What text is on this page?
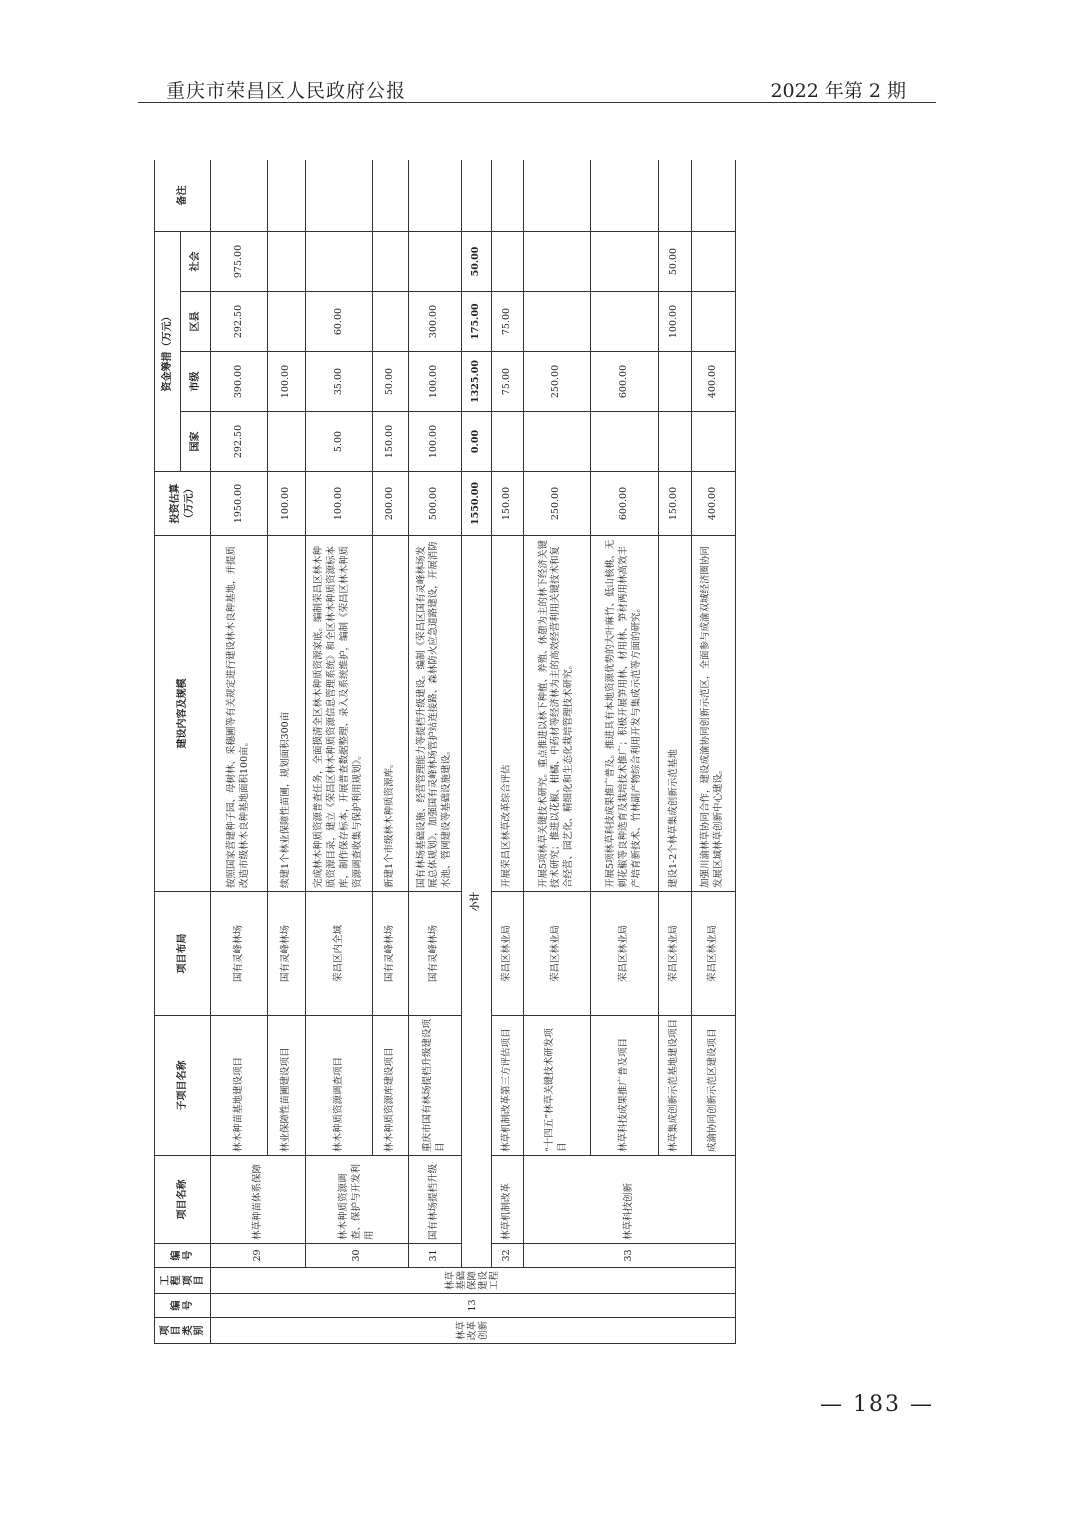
重庆市荣昌区人民政府公报	2022 年第 2 期
项目类别	编号	工程项目	编号	项目名称	子项目名称	项目布局	建设内容及规模	投资估算（万元）	资金筹措（万元）				备注
									国家	市级	区县	社会	
林草改革创新	13	林草基础保障建设工程	29	林草种苗体系保障	林木种苗基地建设项目	国有灵峰林场	按照国家营建种子园、母树林、采穗圃等有关规定进行建设林木良种基地，并提质改造市级林木良种基地面积100亩。	1950.00	292.50	390.00	292.50	975.00	
					林业保障性苗圃建设项目	国有灵峰林场	续建1个林业保障性苗圃，规划面积300亩	100.00		100.00			
			30	林木种质资源调查、保护与开发利用	林木种质资源调查项目	荣昌区内全域	完成林木种质资源普查任务，全面摸清全区林木种质资源家底。编制荣昌区林木种质资源目录，建立《荣昌区林木种质资源信息管理系统》和全区林木种质资源标本库，制作保存标本，开展普查数据整理、录入及系统维护，编制《荣昌区林木种质资源调查收集与保护利用规划》。	100.00	5.00	35.00	60.00		
					林木种质资源库建设项目	国有灵峰林场	新建1个市级林木种质资源库。	200.00	150.00	50.00			
			31	国有林场提档升级	重庆市国有林场提档升级建设项目	国有灵峰林场	国有林场基础设施、经营管理能力等提档升级建设。编制《荣昌区国有灵峰林场发展总体规划》，加强国有灵峰林场管护站连接路、森林防火应急道路建设，开展消防水池、管网建设等基础设施建设。	500.00	100.00	100.00	300.00		
			小计					1550.00	0.00	1325.00	175.00	50.00	
			32	林草机制改革	林草机制改革第三方评估项目	荣昌区林业局	开展荣昌区林草改革综合评估	150.00		75.00	75.00		
			33	林草科技创新	“十四五”林草关键技术研发项目	荣昌区林业局	开展5项林草关键技术研究。重点推进以林下种植、养殖、休憩为主的林下经济关键技术研究；推进以花椒、柑橘、中药材等经济林为主的高效经营利用关键技术和复合经营、园艺化、精细化和生态化栽培管理技术研究。	250.00		250.00			
					林草科技成果推广普及项目	荣昌区林业局	开展5项林草科技成果推广普及。推进具有本地资源优势的大叶麻竹、低山核桃、无刺花椒等良种选育及栽培技术推广；积极开展笋用林、材用林、笋材两用林高效丰产培育新技术、竹林副产物综合利用开发与集成示范等方面的研究。	600.00		600.00			
					林草集成创新示范基地建设项目	荣昌区林业局	建设1-2个林草集成创新示范基地	150.00			100.00	50.00	
					成渝协同创新示范区建设项目	荣昌区林业局	加强川渝林草协同合作，建设成渝协同创新示范区，全面参与成渝双城经济圈协同发展区域林草创新中心建设。	400.00		400.00			
— 183 —
